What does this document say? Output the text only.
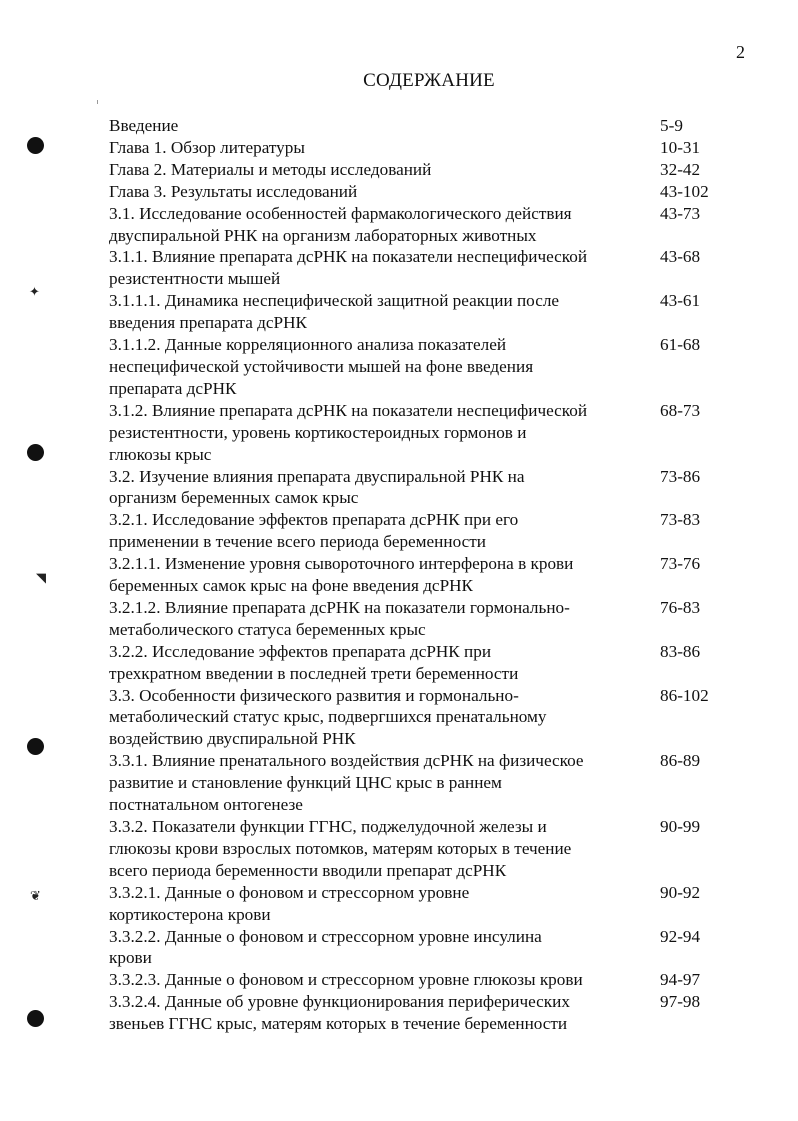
2
СОДЕРЖАНИЕ
✦
◥
❦
Введение	5-9
Глава 1. Обзор литературы	10-31
Глава 2. Материалы и методы исследований	32-42
Глава 3. Результаты исследований	43-102
3.1. Исследование особенностей фармакологического действия
двуспиральной РНК на организм лабораторных животных
43-73
3.1.1. Влияние препарата дсРНК на показатели неспецифической
резистентности мышей
43-68
3.1.1.1. Динамика неспецифической защитной реакции после
введения препарата дсРНК
43-61
3.1.1.2. Данные корреляционного анализа показателей
неспецифической устойчивости мышей на фоне введения
препарата дсРНК
61-68
3.1.2. Влияние препарата дсРНК на показатели неспецифической
резистентности, уровень кортикостероидных гормонов и
глюкозы крыс
68-73
3.2. Изучение влияния препарата двуспиральной РНК на
организм беременных самок крыс
73-86
3.2.1. Исследование эффектов препарата дсРНК при его
применении в течение всего периода беременности
73-83
3.2.1.1. Изменение уровня сывороточного интерферона в крови
беременных самок крыс на фоне введения дсРНК
73-76
3.2.1.2. Влияние препарата дсРНК на показатели гормонально-
метаболического статуса беременных крыс
76-83
3.2.2. Исследование эффектов препарата дсРНК при
трехкратном введении в последней трети беременности
83-86
3.3. Особенности физического развития и гормонально-
метаболический статус крыс, подвергшихся пренатальному
воздействию двуспиральной РНК
86-102
3.3.1. Влияние пренатального воздействия дсРНК на физическое
развитие и становление функций ЦНС крыс в раннем
постнатальном онтогенезе
86-89
3.3.2. Показатели функции ГГНС, поджелудочной железы и
глюкозы крови взрослых потомков, матерям которых в течение
всего периода беременности вводили препарат дсРНК
90-99
3.3.2.1. Данные о фоновом и стрессорном уровне
кортикостерона крови
90-92
3.3.2.2. Данные о фоновом и стрессорном уровне инсулина
крови
92-94
3.3.2.3. Данные о фоновом и стрессорном уровне глюкозы крови	94-97
3.3.2.4. Данные об уровне функционирования периферических
звеньев ГГНС крыс, матерям которых в течение беременности
97-98
